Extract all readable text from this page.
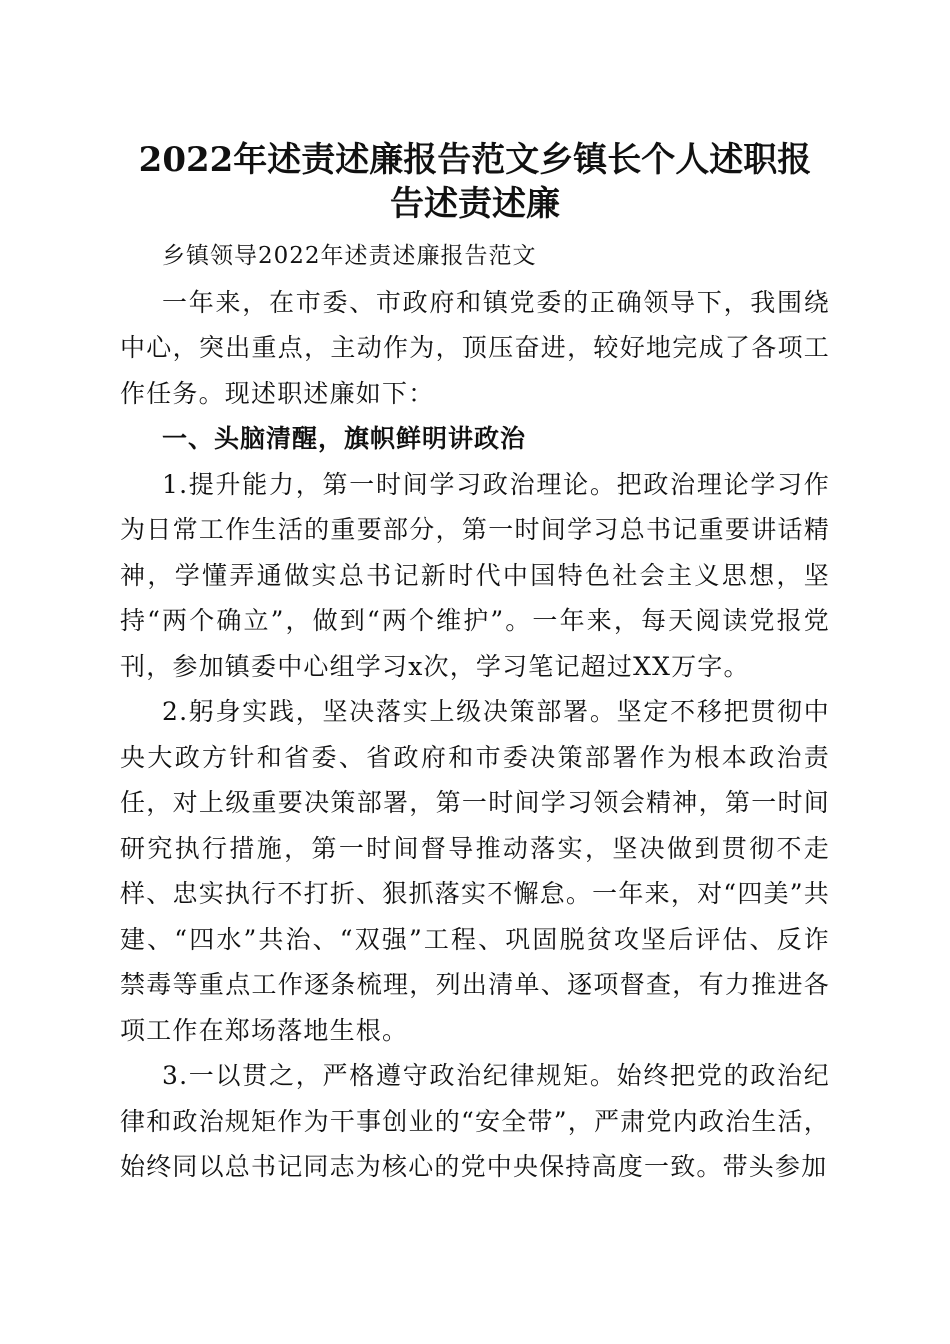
2022年述责述廉报告范文乡镇长个人述职报
告述责述廉

乡镇领导2022年述责述廉报告范文

一年来，在市委、市政府和镇党委的正确领导下，我围绕中心，突出重点，主动作为，顶压奋进，较好地完成了各项工作任务。现述职述廉如下：

一、头脑清醒，旗帜鲜明讲政治

1.提升能力，第一时间学习政治理论。把政治理论学习作为日常工作生活的重要部分，第一时间学习总书记重要讲话精神，学懂弄通做实总书记新时代中国特色社会主义思想，坚持“两个确立”，做到“两个维护”。一年来，每天阅读党报党刊，参加镇委中心组学习x次，学习笔记超过XX万字。

2.躬身实践，坚决落实上级决策部署。坚定不移把贯彻中央大政方针和省委、省政府和市委决策部署作为根本政治责任，对上级重要决策部署，第一时间学习领会精神，第一时间研究执行措施，第一时间督导推动落实，坚决做到贯彻不走样、忠实执行不打折、狠抓落实不懈怠。一年来，对“四美”共建、“四水”共治、“双强”工程、巩固脱贫攻坚后评估、反诈禁毒等重点工作逐条梳理，列出清单、逐项督查，有力推进各项工作在郑场落地生根。

3.一以贯之，严格遵守政治纪律规矩。始终把党的政治纪律和政治规矩作为干事创业的“安全带”，严肃党内政治生活，始终同以总书记同志为核心的党中央保持高度一致。带头参加
